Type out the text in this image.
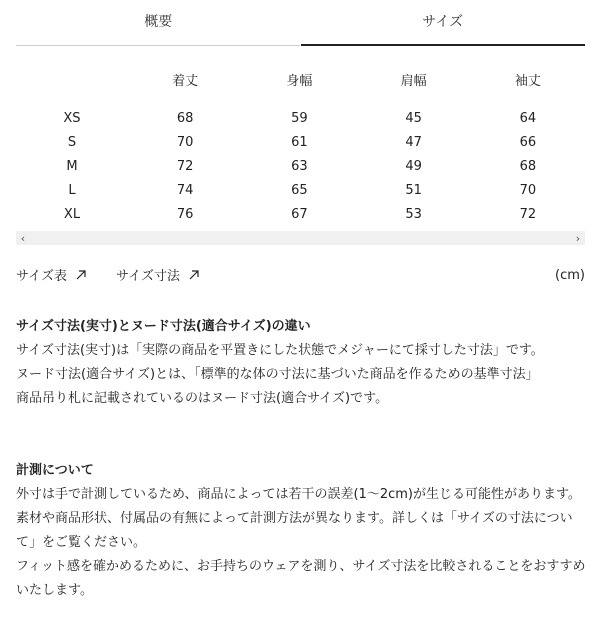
概要	サイズ
	着丈	身幅	肩幅	袖丈
XS	68	59	45	64
S	70	61	47	66
M	72	63	49	68
L	74	65	51	70
XL	76	67	53	72
‹	›
サイズ表	サイズ寸法	(cm)
サイズ寸法(実寸)とヌード寸法(適合サイズ)の違い

サイズ寸法(実寸)は「実際の商品を平置きにした状態でメジャーにて採寸した寸法」です。

ヌード寸法(適合サイズ)とは、「標準的な体の寸法に基づいた商品を作るための基準寸法」

商品吊り札に記載されているのはヌード寸法(適合サイズ)です。

計測について

外寸は手で計測しているため、商品によっては若干の誤差(1〜2cm)が生じる可能性があります。

素材や商品形状、付属品の有無によって計測方法が異なります。詳しくは「サイズの寸法について」をご覧ください。

フィット感を確かめるために、お手持ちのウェアを測り、サイズ寸法を比較されることをおすすめいたします。
